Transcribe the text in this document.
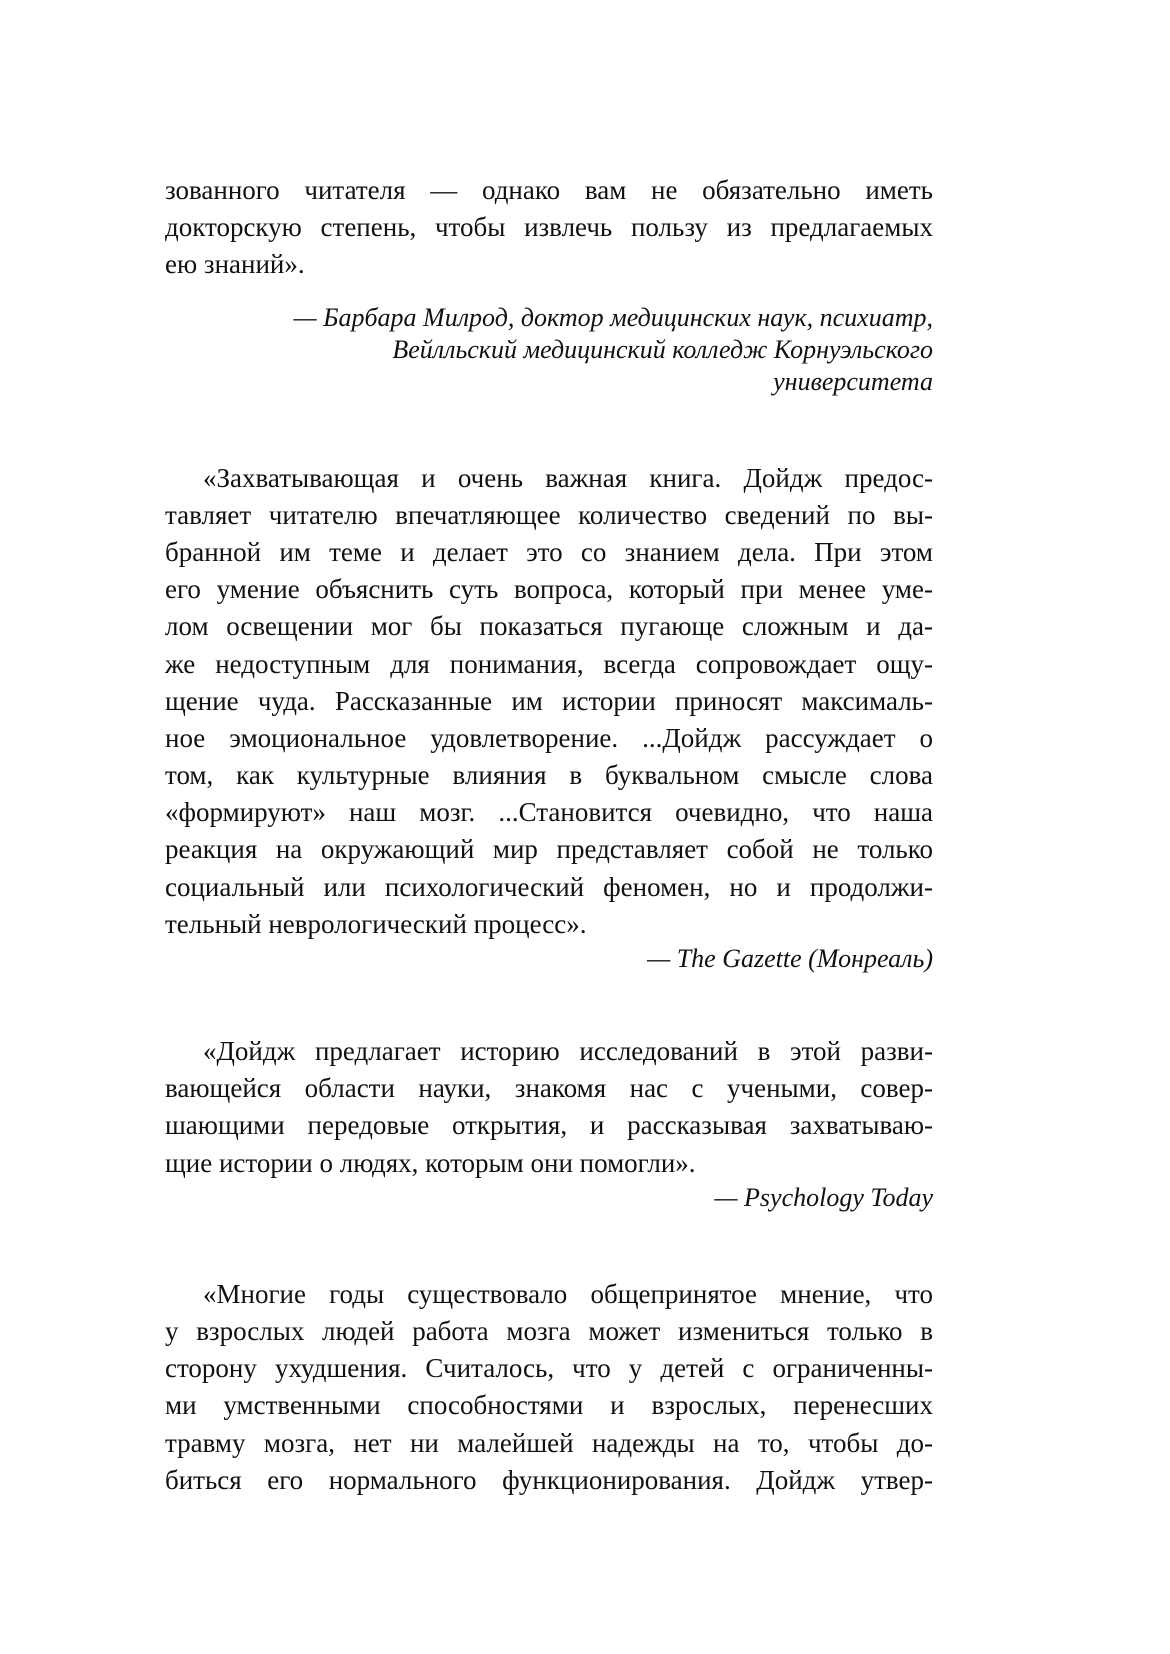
зованного читателя — однако вам не обязательно иметь
докторскую степень, чтобы извлечь пользу из предлагаемых
ею знаний».
— Барбара Милрод, доктор медицинских наук, психиатр,
Вейлльский медицинский колледж Корнуэльского
университета
«Захватывающая и очень важная книга. Дойдж предос-
тавляет читателю впечатляющее количество сведений по вы-
бранной им теме и делает это со знанием дела. При этом
его умение объяснить суть вопроса, который при менее уме-
лом освещении мог бы показаться пугающе сложным и да-
же недоступным для понимания, всегда сопровождает ощу-
щение чуда. Рассказанные им истории приносят максималь-
ное эмоциональное удовлетворение. ...Дойдж рассуждает о
том, как культурные влияния в буквальном смысле слова
«формируют» наш мозг. ...Становится очевидно, что наша
реакция на окружающий мир представляет собой не только
социальный или психологический феномен, но и продолжи-
тельный неврологический процесс».
— The Gazette (Монреаль)
«Дойдж предлагает историю исследований в этой разви-
вающейся области науки, знакомя нас с учеными, совер-
шающими передовые открытия, и рассказывая захватываю-
щие истории о людях, которым они помогли».
— Psychology Today
«Многие годы существовало общепринятое мнение, что
у взрослых людей работа мозга может измениться только в
сторону ухудшения. Считалось, что у детей с ограниченны-
ми умственными способностями и взрослых, перенесших
травму мозга, нет ни малейшей надежды на то, чтобы до-
биться его нормального функционирования. Дойдж утвер-
